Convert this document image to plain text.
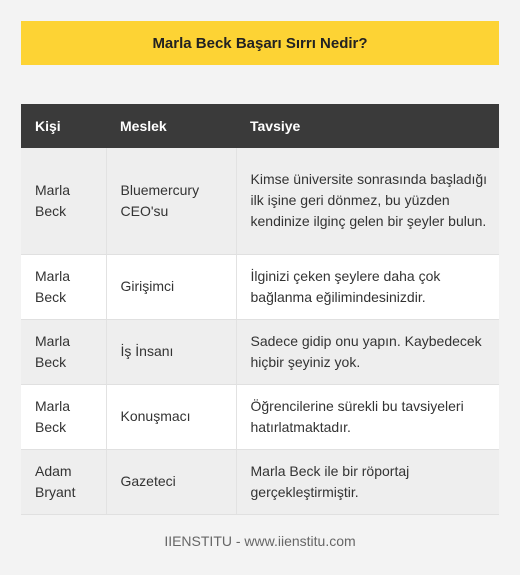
Marla Beck Başarı Sırrı Nedir?
Kişi	Meslek	Tavsiye
Marla Beck	Bluemercury CEO'su	Kimse üniversite sonrasında başladığı ilk işine geri dönmez, bu yüzden kendinize ilginç gelen bir şeyler bulun.
Marla Beck	Girişimci	İlginizi çeken şeylere daha çok bağlanma eğilimindesinizdir.
Marla Beck	İş İnsanı	Sadece gidip onu yapın. Kaybedecek hiçbir şeyiniz yok.
Marla Beck	Konuşmacı	Öğrencilerine sürekli bu tavsiyeleri hatırlatmaktadır.
Adam Bryant	Gazeteci	Marla Beck ile bir röportaj gerçekleştirmiştir.
IIENSTITU - www.iienstitu.com
